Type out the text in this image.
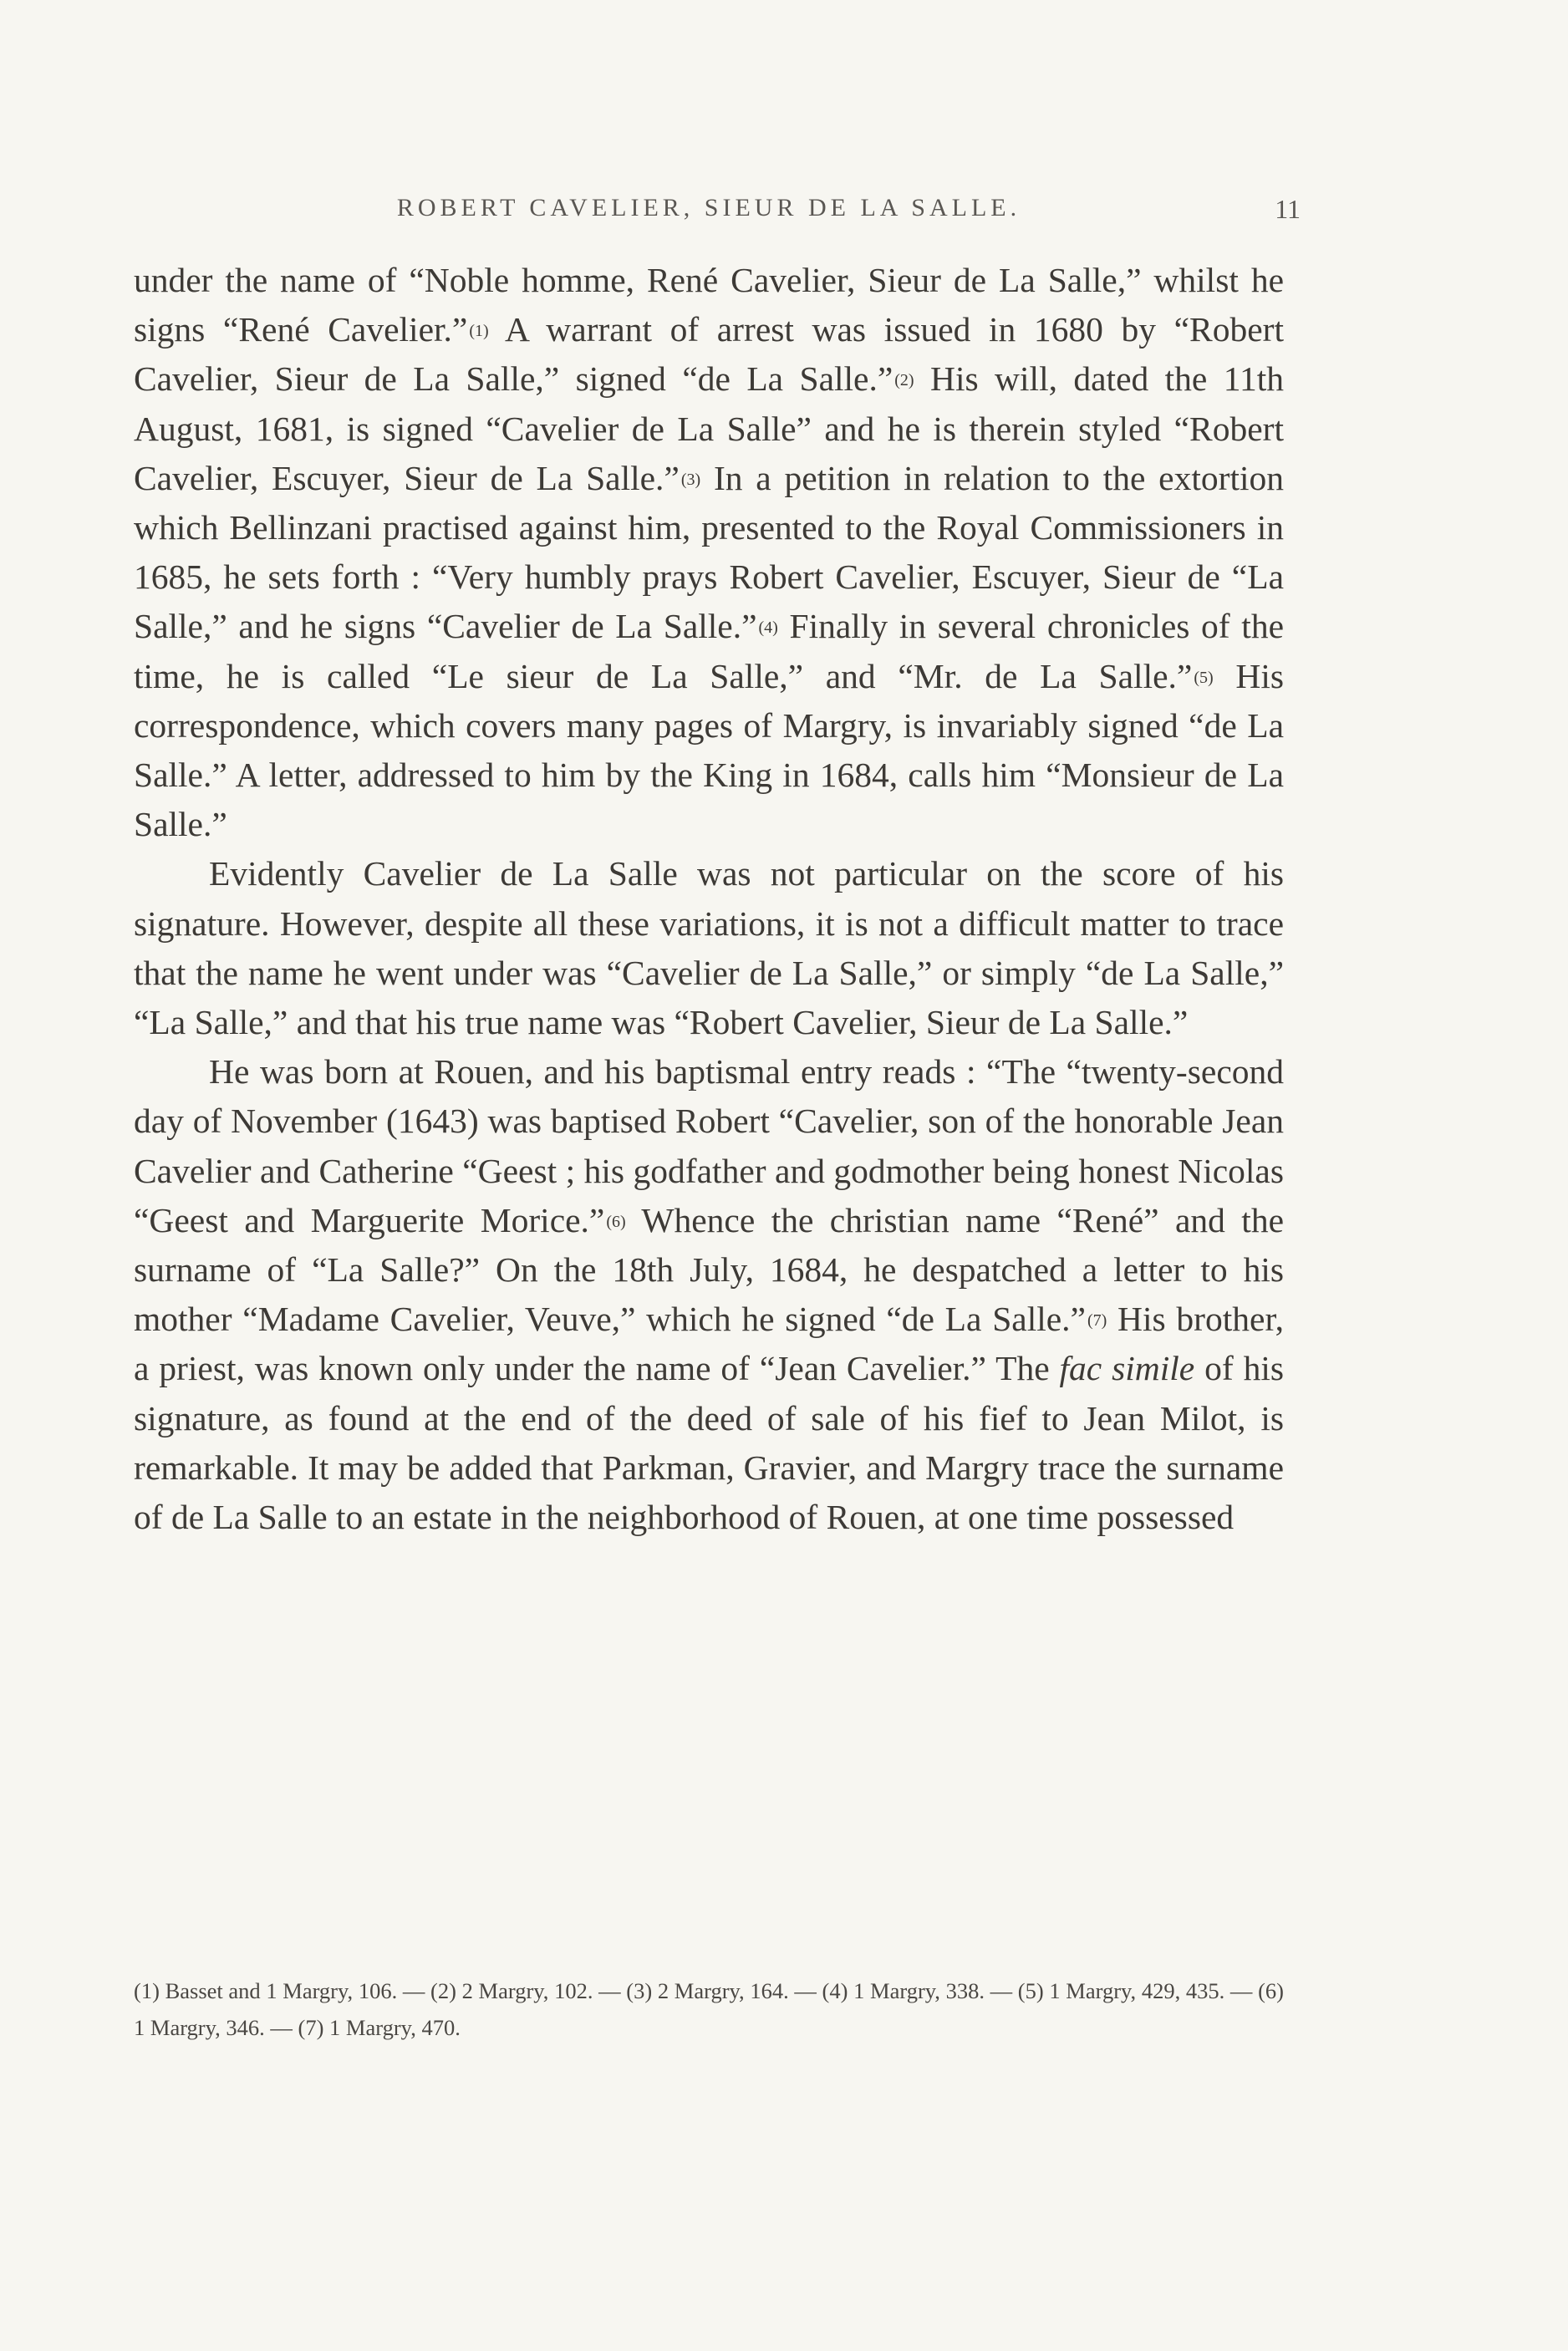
ROBERT CAVELIER, SIEUR DE LA SALLE.	11

under the name of “Noble homme, René Cavelier, Sieur de La Salle,” whilst he signs “René Cavelier.” $^{(1)}$ A warrant of arrest was issued in 1680 by “Robert Cavelier, Sieur de La Salle,” signed “de La Salle.” $^{(2)}$ His will, dated the 11th August, 1681, is signed “Cavelier de La Salle” and he is therein styled “Robert Cavelier, Escuyer, Sieur de La Salle.” $^{(3)}$ In a petition in relation to the extortion which Bellinzani practised against him, presented to the Royal Commissioners in 1685, he sets forth : “Very humbly prays Robert Cavelier, Escuyer, Sieur de “La Salle,” and he signs “Cavelier de La Salle.” $^{(4)}$ Finally in several chronicles of the time, he is called “Le sieur de La Salle,” and “Mr. de La Salle.” $^{(5)}$ His correspondence, which covers many pages of Margry, is invariably signed “de La Salle.” A letter, addressed to him by the King in 1684, calls him “Monsieur de La Salle.”

Evidently Cavelier de La Salle was not particular on the score of his signature. However, despite all these variations, it is not a difficult matter to trace that the name he went under was “Cavelier de La Salle,” or simply “de La Salle,” “La Salle,” and that his true name was “Robert Cavelier, Sieur de La Salle.”

He was born at Rouen, and his baptismal entry reads : “The “twenty-second day of November (1643) was baptised Robert “Cavelier, son of the honorable Jean Cavelier and Catherine “Geest ; his godfather and godmother being honest Nicolas “Geest and Marguerite Morice.” $^{(6)}$ Whence the christian name “René” and the surname of “La Salle?” On the 18th July, 1684, he despatched a letter to his mother “Madame Cavelier, Veuve,” which he signed “de La Salle.” $^{(7)}$ His brother, a priest, was known only under the name of “Jean Cavelier.” The fac simile of his signature, as found at the end of the deed of sale of his fief to Jean Milot, is remarkable. It may be added that Parkman, Gravier, and Margry trace the surname of de La Salle to an estate in the neighborhood of Rouen, at one time possessed

(1) Basset and 1 Margry, 106. — (2) 2 Margry, 102. — (3) 2 Margry, 164. — (4) 1 Margry, 338. — (5) 1 Margry, 429, 435. — (6) 1 Margry, 346. — (7) 1 Margry, 470.
